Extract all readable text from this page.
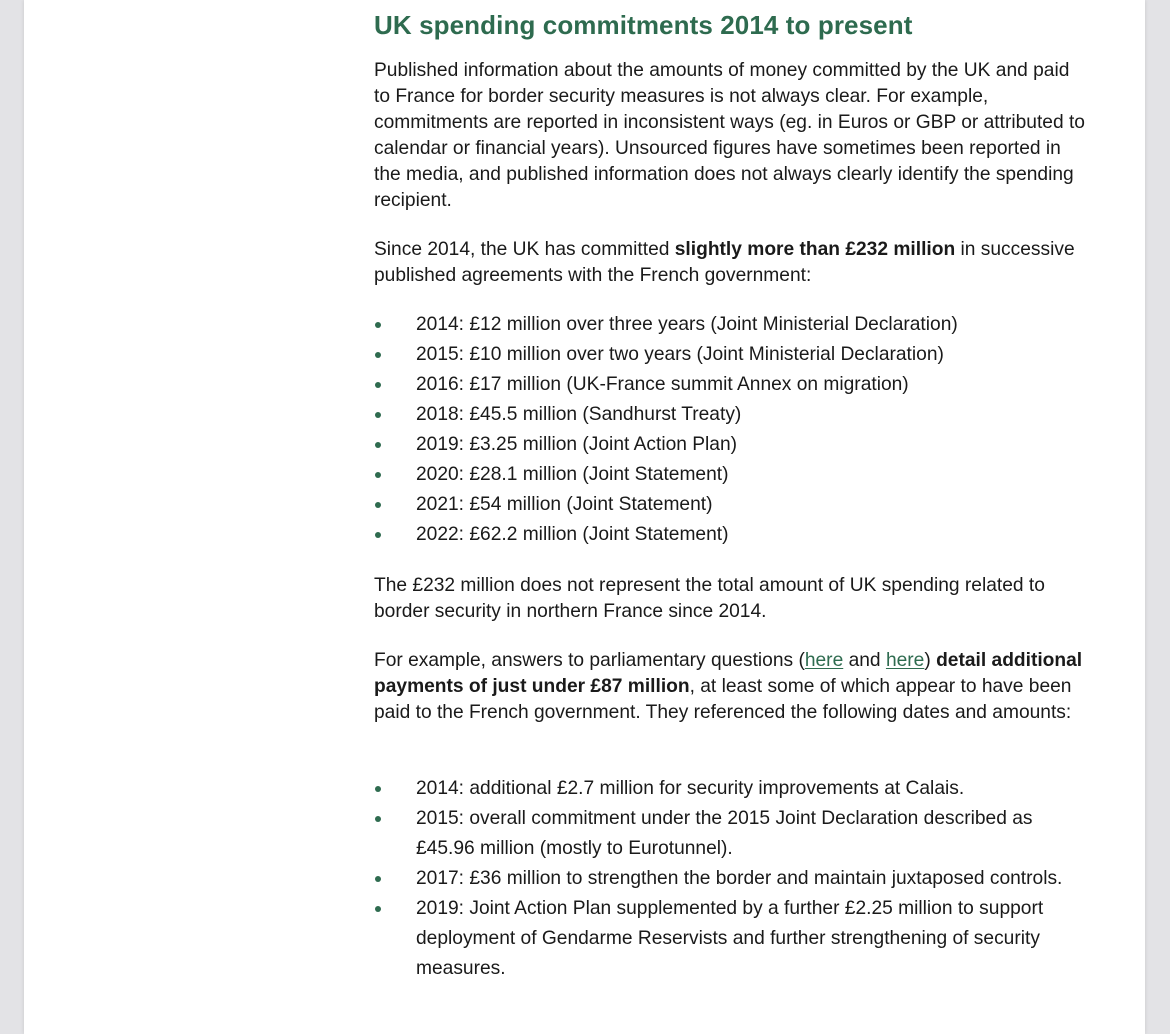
UK spending commitments 2014 to present

Published information about the amounts of money committed by the UK and paid to France for border security measures is not always clear. For example, commitments are reported in inconsistent ways (eg. in Euros or GBP or attributed to calendar or financial years). Unsourced figures have sometimes been reported in the media, and published information does not always clearly identify the spending recipient.

Since 2014, the UK has committed slightly more than £232 million in successive published agreements with the French government:

2014: £12 million over three years (Joint Ministerial Declaration)
2015: £10 million over two years (Joint Ministerial Declaration)
2016: £17 million (UK-France summit Annex on migration)
2018: £45.5 million (Sandhurst Treaty)
2019: £3.25 million (Joint Action Plan)
2020: £28.1 million (Joint Statement)
2021: £54 million (Joint Statement)
2022: £62.2 million (Joint Statement)

The £232 million does not represent the total amount of UK spending related to border security in northern France since 2014.

For example, answers to parliamentary questions (here and here) detail additional payments of just under £87 million, at least some of which appear to have been paid to the French government. They referenced the following dates and amounts:

2014: additional £2.7 million for security improvements at Calais.
2015: overall commitment under the 2015 Joint Declaration described as £45.96 million (mostly to Eurotunnel).
2017: £36 million to strengthen the border and maintain juxtaposed controls.
2019: Joint Action Plan supplemented by a further £2.25 million to support deployment of Gendarme Reservists and further strengthening of security measures.
